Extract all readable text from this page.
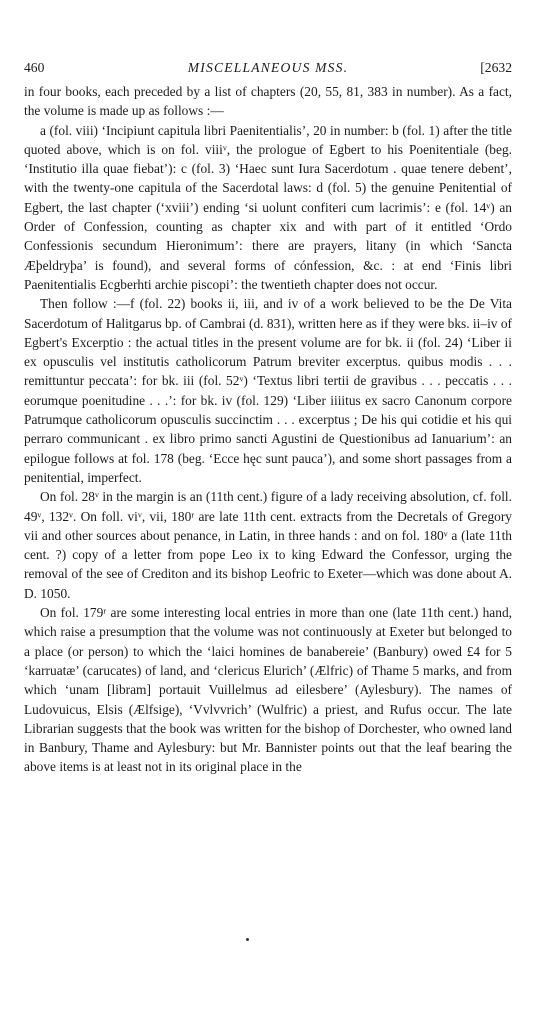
460	MISCELLANEOUS MSS.	[2632

in four books, each preceded by a list of chapters (20, 55, 81, 383 in number). As a fact, the volume is made up as follows :—

a (fol. viii) ‘Incipiunt capitula libri Paenitentialis’, 20 in number: b (fol. 1) after the title quoted above, which is on fol. viiiᵛ, the prologue of Egbert to his Poenitentiale (beg. ‘Institutio illa quae fiebat’): c (fol. 3) ‘Haec sunt Iura Sacerdotum . quae tenere debent’, with the twenty-one capitula of the Sacerdotal laws: d (fol. 5) the genuine Penitential of Egbert, the last chapter (‘xviii’) ending ‘si uolunt confiteri cum lacrimis’: e (fol. 14ᵛ) an Order of Confession, counting as chapter xix and with part of it entitled ‘Ordo Confessionis secundum Hieronimum’: there are prayers, litany (in which ‘Sancta Æþeldryþa’ is found), and several forms of cónfession, &c. : at end ‘Finis libri Paenitentialis Ecgberhti archie piscopi’: the twentieth chapter does not occur.

Then follow :—f (fol. 22) books ii, iii, and iv of a work believed to be the De Vita Sacerdotum of Halitgarus bp. of Cambrai (d. 831), written here as if they were bks. ii–iv of Egbert's Excerptio : the actual titles in the present volume are for bk. ii (fol. 24) ‘Liber ii ex opusculis vel institutis catholicorum Patrum breviter excerptus. quibus modis . . . remittuntur peccata’: for bk. iii (fol. 52ᵛ) ‘Textus libri tertii de gravibus . . . peccatis . . . eorumque poenitudine . . .’: for bk. iv (fol. 129) ‘Liber iiiitus ex sacro Canonum corpore Patrumque catholicorum opusculis succinctim . . . excerptus ; De his qui cotidie et his qui perraro communicant . ex libro primo sancti Agustini de Questionibus ad Ianuarium’: an epilogue follows at fol. 178 (beg. ‘Ecce hęc sunt pauca’), and some short passages from a penitential, imperfect.

On fol. 28ᵛ in the margin is an (11th cent.) figure of a lady receiving absolution, cf. foll. 49ᵛ, 132ᵛ. On foll. viᵛ, vii, 180ʳ are late 11th cent. extracts from the Decretals of Gregory vii and other sources about penance, in Latin, in three hands : and on fol. 180ᵛ a (late 11th cent. ?) copy of a letter from pope Leo ix to king Edward the Confessor, urging the removal of the see of Crediton and its bishop Leofric to Exeter—which was done about A. D. 1050.

On fol. 179ʳ are some interesting local entries in more than one (late 11th cent.) hand, which raise a presumption that the volume was not continuously at Exeter but belonged to a place (or person) to which the ‘laici homines de banabereie’ (Banbury) owed £4 for 5 ‘karruatæ’ (carucates) of land, and ‘clericus Elurich’ (Ælfric) of Thame 5 marks, and from which ‘unam [libram] portauit Vuillelmus ad eilesbere’ (Aylesbury). The names of Ludovuicus, Elsis (Ælfsige), ‘Vvlvvrich’ (Wulfric) a priest, and Rufus occur. The late Librarian suggests that the book was written for the bishop of Dorchester, who owned land in Banbury, Thame and Aylesbury: but Mr. Bannister points out that the leaf bearing the above items is at least not in its original place in the
